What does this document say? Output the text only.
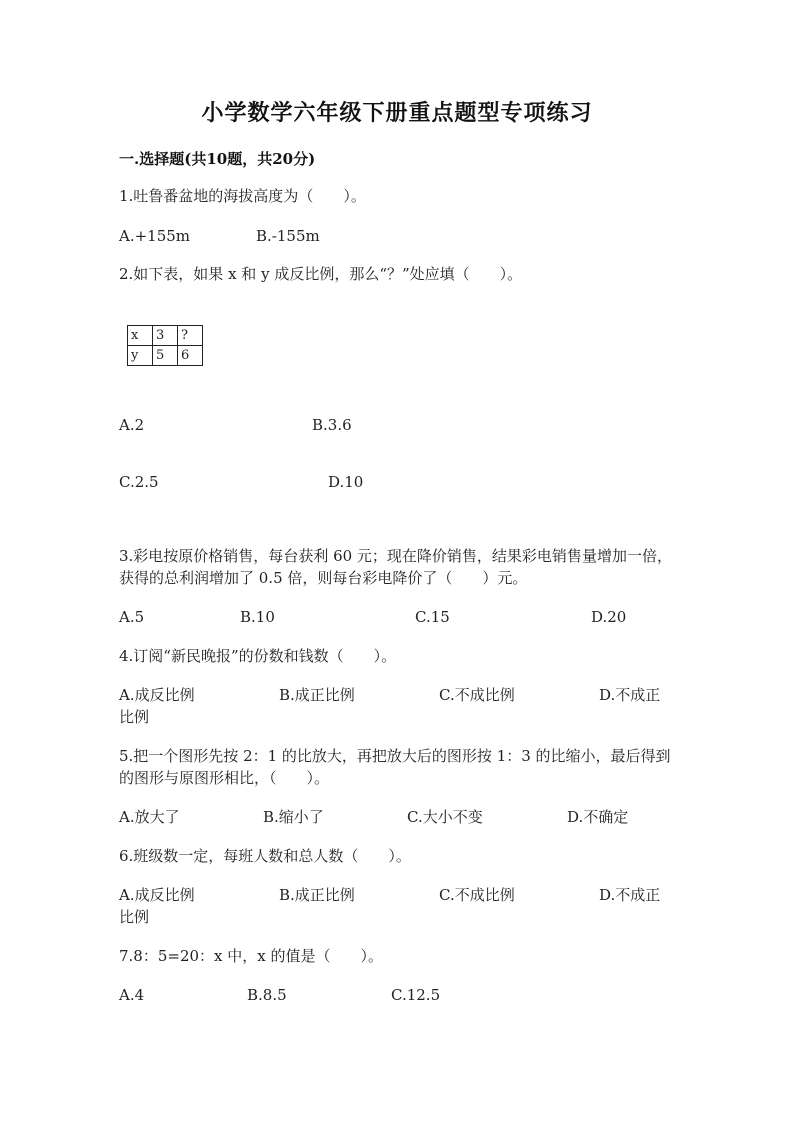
小学数学六年级下册重点题型专项练习
一.选择题(共10题，共20分)
1.吐鲁番盆地的海拔高度为（　　）。
A.+155m	B.-155m
2.如下表，如果 x 和 y 成反比例，那么“？”处应填（　　）。
x	3	?
y	5	6
A.2	B.3.6
C.2.5	D.10
3.彩电按原价格销售，每台获利 60 元；现在降价销售，结果彩电销售量增加一倍，获得的总利润增加了 0.5 倍，则每台彩电降价了（　　）元。
A.5	B.10	C.15	D.20
4.订阅“新民晚报”的份数和钱数（　　）。
A.成反比例	B.成正比例	C.不成比例	D.不成正
比例
5.把一个图形先按 2：1 的比放大，再把放大后的图形按 1：3 的比缩小，最后得到的图形与原图形相比，（　　）。
A.放大了	B.缩小了	C.大小不变	D.不确定
6.班级数一定，每班人数和总人数（　　）。
A.成反比例	B.成正比例	C.不成比例	D.不成正
比例
7.8：5=20：x 中，x 的值是（　　）。
A.4	B.8.5	C.12.5
